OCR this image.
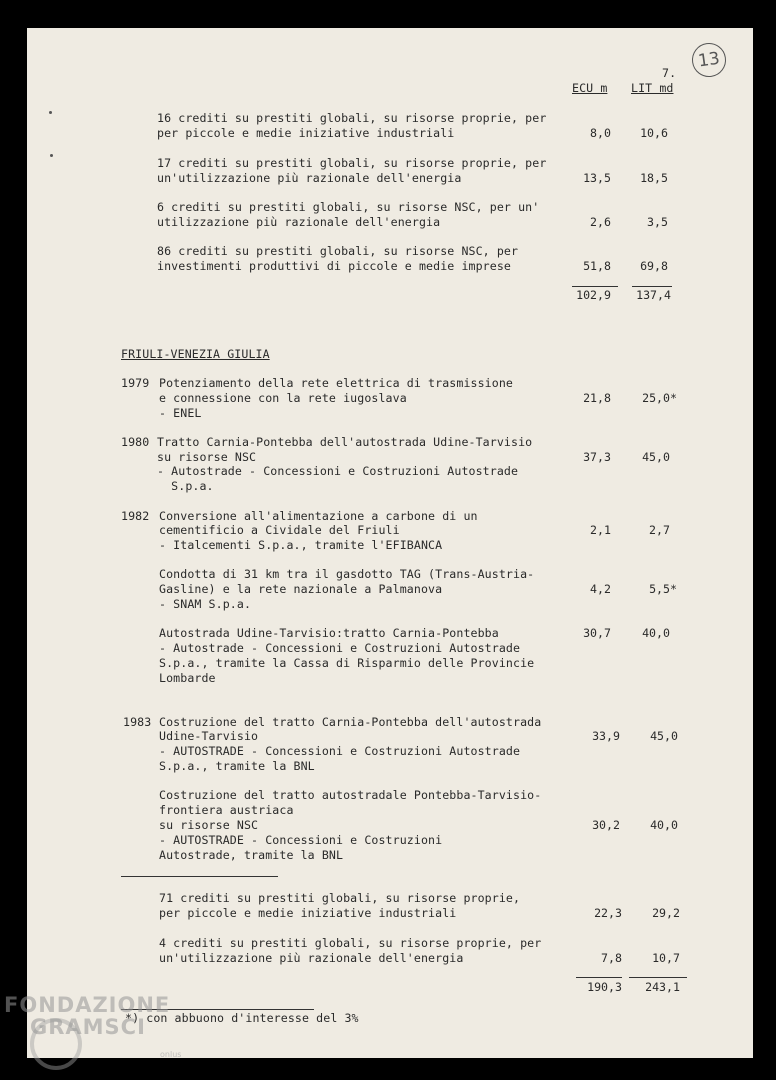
13
7.
ECU m LIT md
16 crediti su prestiti globali, su risorse proprie, per
per piccole e medie iniziative industriali	8,0	10,6
17 crediti su prestiti globali, su risorse proprie, per
un'utilizzazione più razionale dell'energia	13,5	18,5
6 crediti su prestiti globali, su risorse NSC, per un'
utilizzazione più razionale dell'energia	2,6	3,5
86 crediti su prestiti globali, su risorse NSC, per
investimenti produttivi di piccole e medie imprese	51,8	69,8
102,9 137,4
FRIULI-VENEZIA GIULIA
1979 Potenziamento della rete elettrica di trasmissione
e connessione con la rete iugoslava
- ENEL
21,8	25,0*
1980 Tratto Carnia-Pontebba dell'autostrada Udine-Tarvisio
su risorse NSC
- Autostrade - Concessioni e Costruzioni Autostrade
S.p.a.
37,3	45,0
1982 Conversione all'alimentazione a carbone di un
cementificio a Cividale del Friuli
- Italcementi S.p.a., tramite l'EFIBANCA
2,1	2,7
Condotta di 31 km tra il gasdotto TAG (Trans-Austria-
Gasline) e la rete nazionale a Palmanova
- SNAM S.p.a.
4,2	5,5*
Autostrada Udine-Tarvisio:tratto Carnia-Pontebba
- Autostrade - Concessioni e Costruzioni Autostrade
S.p.a., tramite la Cassa di Risparmio delle Provincie
Lombarde
30,7	40,0
1983 Costruzione del tratto Carnia-Pontebba dell'autostrada
Udine-Tarvisio
- AUTOSTRADE - Concessioni e Costruzioni Autostrade
S.p.a., tramite la BNL
33,9	45,0
Costruzione del tratto autostradale Pontebba-Tarvisio-
frontiera austriaca
su risorse NSC
- AUTOSTRADE - Concessioni e Costruzioni
Autostrade, tramite la BNL
30,2	40,0
71 crediti su prestiti globali, su risorse proprie,
per piccole e medie iniziative industriali	22,3	29,2
4 crediti su prestiti globali, su risorse proprie, per
un'utilizzazione più razionale dell'energia	7,8	10,7
190,3 243,1
*) con abbuono d'interesse del 3%
FONDAZIONE
GRAMSCI
onlus
